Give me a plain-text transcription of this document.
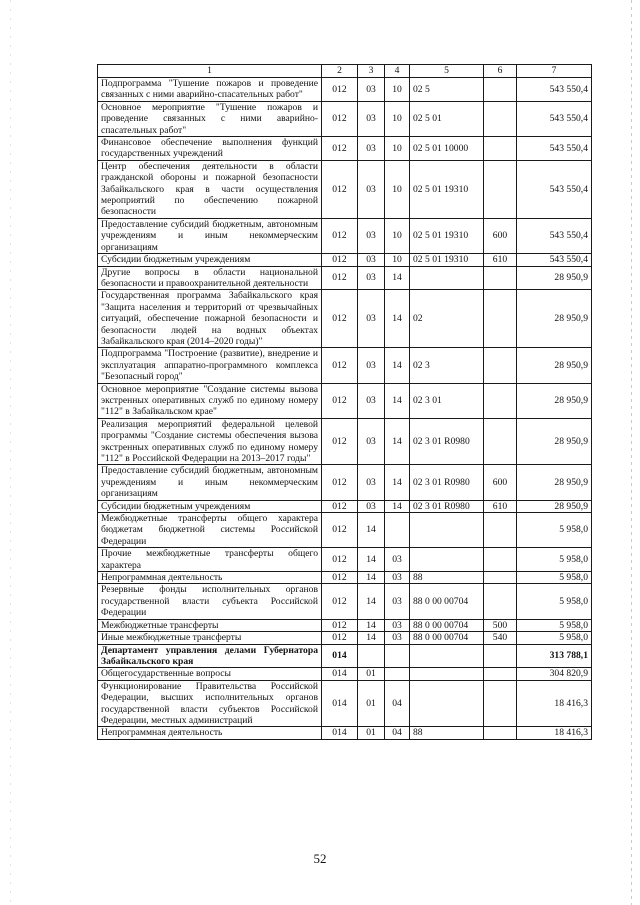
1	2	3	4	5	6	7
Подпрограмма "Тушение пожаров и проведение связанных с ними аварийно-спасательных работ"	012	03	10	02 5		543 550,4
Основное мероприятие "Тушение пожаров и проведение связанных с ними аварийно-спасательных работ"	012	03	10	02 5 01		543 550,4
Финансовое обеспечение выполнения функций государственных учреждений	012	03	10	02 5 01 10000		543 550,4
Центр обеспечения деятельности в области гражданской обороны и пожарной безопасности Забайкальского края в части осуществления мероприятий по обеспечению пожарной безопасности	012	03	10	02 5 01 19310		543 550,4
Предоставление субсидий бюджетным, автономным учреждениям и иным некоммерческим организациям	012	03	10	02 5 01 19310	600	543 550,4
Субсидии бюджетным учреждениям	012	03	10	02 5 01 19310	610	543 550,4
Другие вопросы в области национальной безопасности и правоохранительной деятельности	012	03	14			28 950,9
Государственная программа Забайкальского края "Защита населения и территорий от чрезвычайных ситуаций, обеспечение пожарной безопасности и безопасности людей на водных объектах Забайкальского края (2014–2020 годы)"	012	03	14	02		28 950,9
Подпрограмма "Построение (развитие), внедрение и эксплуатация аппаратно-программного комплекса "Безопасный город"	012	03	14	02 3		28 950,9
Основное мероприятие "Создание системы вызова экстренных оперативных служб по единому номеру "112" в Забайкальском крае"	012	03	14	02 3 01		28 950,9
Реализация мероприятий федеральной целевой программы "Создание системы обеспечения вызова экстренных оперативных служб по единому номеру "112" в Российской Федерации на 2013–2017 годы"	012	03	14	02 3 01 R0980		28 950,9
Предоставление субсидий бюджетным, автономным учреждениям и иным некоммерческим организациям	012	03	14	02 3 01 R0980	600	28 950,9
Субсидии бюджетным учреждениям	012	03	14	02 3 01 R0980	610	28 950,9
Межбюджетные трансферты общего характера бюджетам бюджетной системы Российской Федерации	012	14				5 958,0
Прочие межбюджетные трансферты общего характера	012	14	03			5 958,0
Непрограммная деятельность	012	14	03	88		5 958,0
Резервные фонды исполнительных органов государственной власти субъекта Российской Федерации	012	14	03	88 0 00 00704		5 958,0
Межбюджетные трансферты	012	14	03	88 0 00 00704	500	5 958,0
Иные межбюджетные трансферты	012	14	03	88 0 00 00704	540	5 958,0
Департамент управления делами Губернатора Забайкальского края	014					313 788,1
Общегосударственные вопросы	014	01				304 820,9
Функционирование Правительства Российской Федерации, высших исполнительных органов государственной власти субъектов Российской Федерации, местных администраций	014	01	04			18 416,3
Непрограммная деятельность	014	01	04	88		18 416,3
52
